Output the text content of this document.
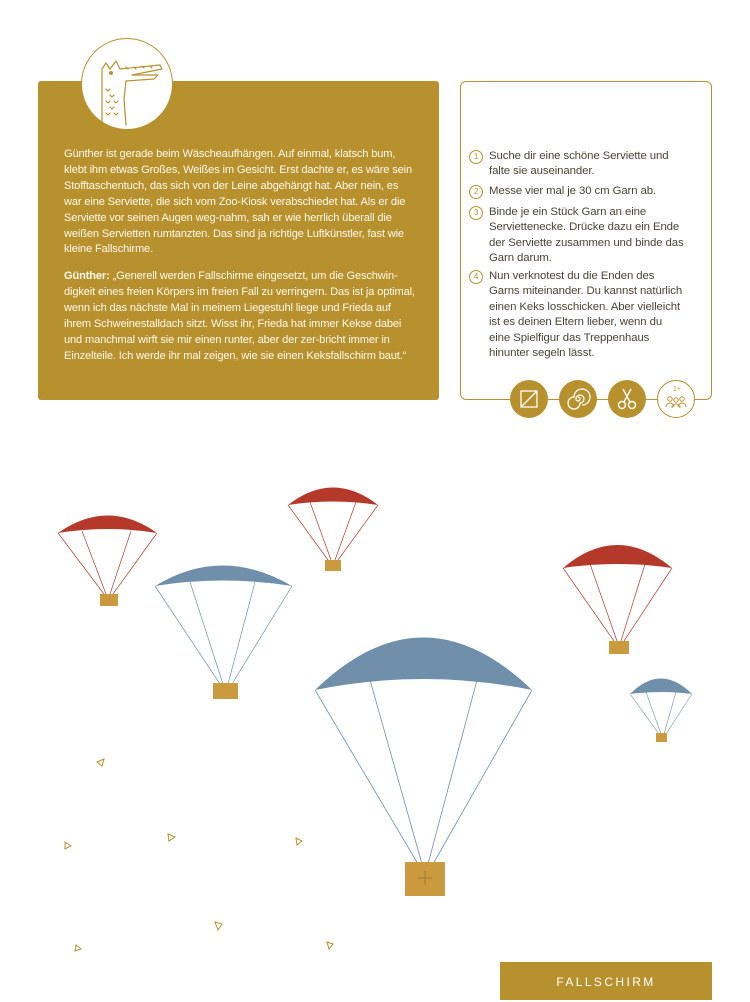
Günther ist gerade beim Wäscheaufhängen. Auf einmal, klatsch bum, klebt ihm etwas Großes, Weißes im Gesicht. Erst dachte er, es wäre sein Stofftaschentuch, das sich von der Leine abgehängt hat. Aber nein, es war eine Serviette, die sich vom Zoo-Kiosk verabschiedet hat. Als er die Serviette vor seinen Augen weg-nahm, sah er wie herrlich überall die weißen Servietten rumtanzten. Das sind ja richtige Luftkünstler, fast wie kleine Fallschirme.

Günther: „Generell werden Fallschirme eingesetzt, um die Geschwin-digkeit eines freien Körpers im freien Fall zu verringern. Das ist ja optimal, wenn ich das nächste Mal in meinem Liegestuhl liege und Frieda auf ihrem Schweinestalldach sitzt. Wisst ihr, Frieda hat immer Kekse dabei und manchmal wirft sie mir einen runter, aber der zer-bricht immer in Einzelteile. Ich werde ihr mal zeigen, wie sie einen Keksfallschirm baut.“

1 Suche dir eine schöne Serviette und falte sie auseinander.
2 Messe vier mal je 30 cm Garn ab.
3 Binde je ein Stück Garn an eine Serviettenecke. Drücke dazu ein Ende der Serviette zusammen und binde das Garn darum.
4 Nun verknotest du die Enden des Garns miteinander. Du kannst natürlich einen Keks losschicken. Aber vielleicht ist es deinen Eltern lieber, wenn du eine Spielfigur das Treppenhaus hinunter segeln lässt.
1+
FALLSCHIRM
